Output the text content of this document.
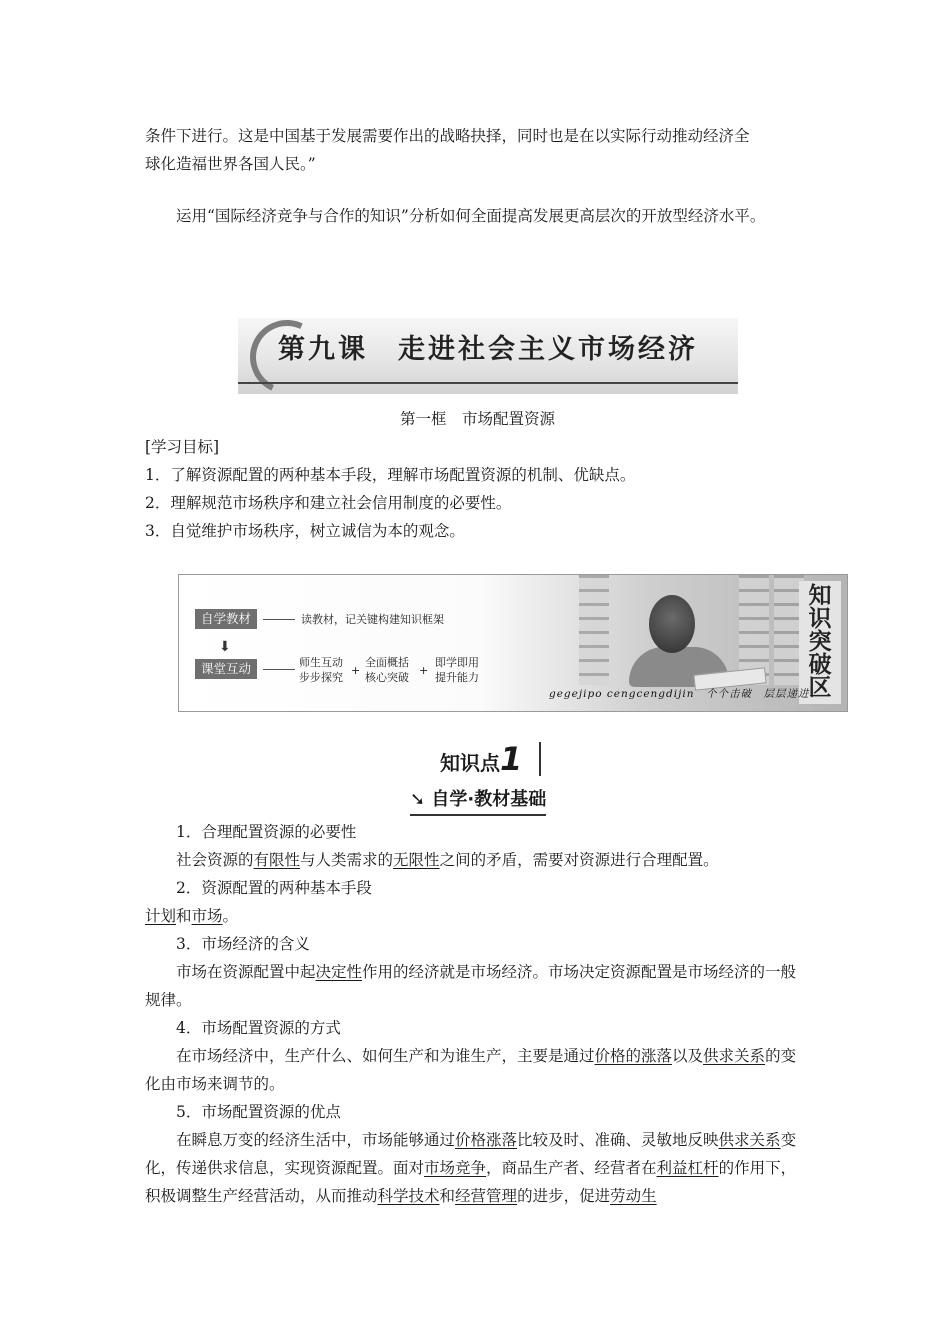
条件下进行。这是中国基于发展需要作出的战略抉择，同时也是在以实际行动推动经济全
球化造福世界各国人民。”

运用“国际经济竞争与合作的知识”分析如何全面提高发展更高层次的开放型经济水平。

第九课 走进社会主义市场经济
第一框　市场配置资源

[学习目标]

1．了解资源配置的两种基本手段，理解市场配置资源的机制、优缺点。

2．理解规范市场秩序和建立社会信用制度的必要性。

3．自觉维护市场秩序，树立诚信为本的观念。

自学教材	读教材，记关键构建知识框架
⬇
课堂互动	师生互动
步步探究
+
全面概括
核心突破
+
即学即用
提升能力
知
识
突
破
区
gegejipo cengcengdijin　个个击破　层层递进
知识点1
➘ 自学·教材基础

1．合理配置资源的必要性

社会资源的有限性与人类需求的无限性之间的矛盾，需要对资源进行合理配置。

2．资源配置的两种基本手段

计划和市场。

3．市场经济的含义

市场在资源配置中起决定性作用的经济就是市场经济。市场决定资源配置是市场经济的一般规律。

4．市场配置资源的方式

在市场经济中，生产什么、如何生产和为谁生产，主要是通过价格的涨落以及供求关系的变化由市场来调节的。

5．市场配置资源的优点

在瞬息万变的经济生活中，市场能够通过价格涨落比较及时、准确、灵敏地反映供求关系变化，传递供求信息，实现资源配置。面对市场竞争，商品生产者、经营者在利益杠杆的作用下，积极调整生产经营活动，从而推动科学技术和经营管理的进步，促进劳动生
